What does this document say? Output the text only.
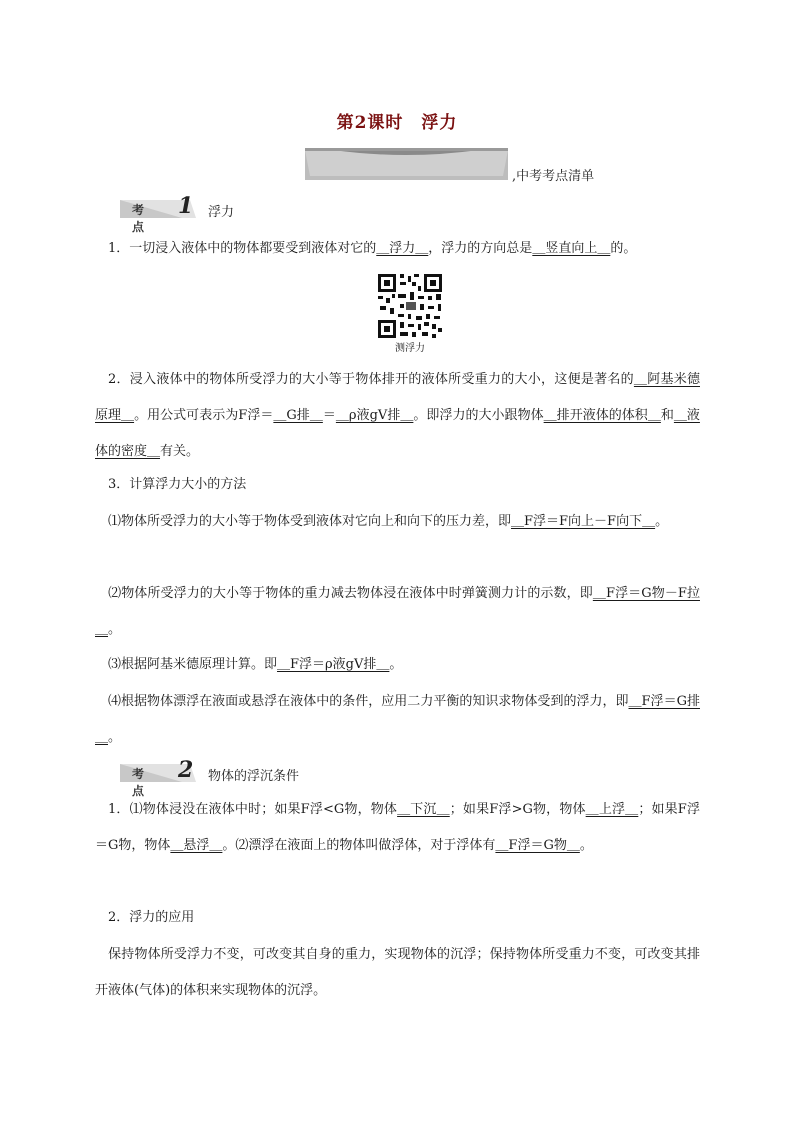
第2课时　浮力
,中考考点清单
考点
1 浮力
 1．一切浸入液体中的物体都要受到液体对它的＿浮力＿，浮力的方向总是＿竖直向上＿的。
测浮力
 2．浸入液体中的物体所受浮力的大小等于物体排开的液体所受重力的大小，这便是著名的＿阿基米德原理＿。用公式可表示为F浮＝＿G排＿＝＿ρ液gV排＿。即浮力的大小跟物体＿排开液体的体积＿和＿液体的密度＿有关。
 3．计算浮力大小的方法
 ⑴物体所受浮力的大小等于物体受到液体对它向上和向下的压力差，即＿F浮＝F向上－F向下＿。
 ⑵物体所受浮力的大小等于物体的重力减去物体浸在液体中时弹簧测力计的示数，即＿F浮＝G物－F拉＿。
 ⑶根据阿基米德原理计算。即＿F浮＝ρ液gV排＿。
 ⑷根据物体漂浮在液面或悬浮在液体中的条件，应用二力平衡的知识求物体受到的浮力，即＿F浮＝G排＿。
考点
2 物体的浮沉条件
 1．⑴物体浸没在液体中时；如果F浮<G物，物体＿下沉＿；如果F浮>G物，物体＿上浮＿；如果F浮＝G物，物体＿悬浮＿。⑵漂浮在液面上的物体叫做浮体，对于浮体有＿F浮＝G物＿。
 2．浮力的应用
 保持物体所受浮力不变，可改变其自身的重力，实现物体的沉浮；保持物体所受重力不变，可改变其排开液体(气体)的体积来实现物体的沉浮。
